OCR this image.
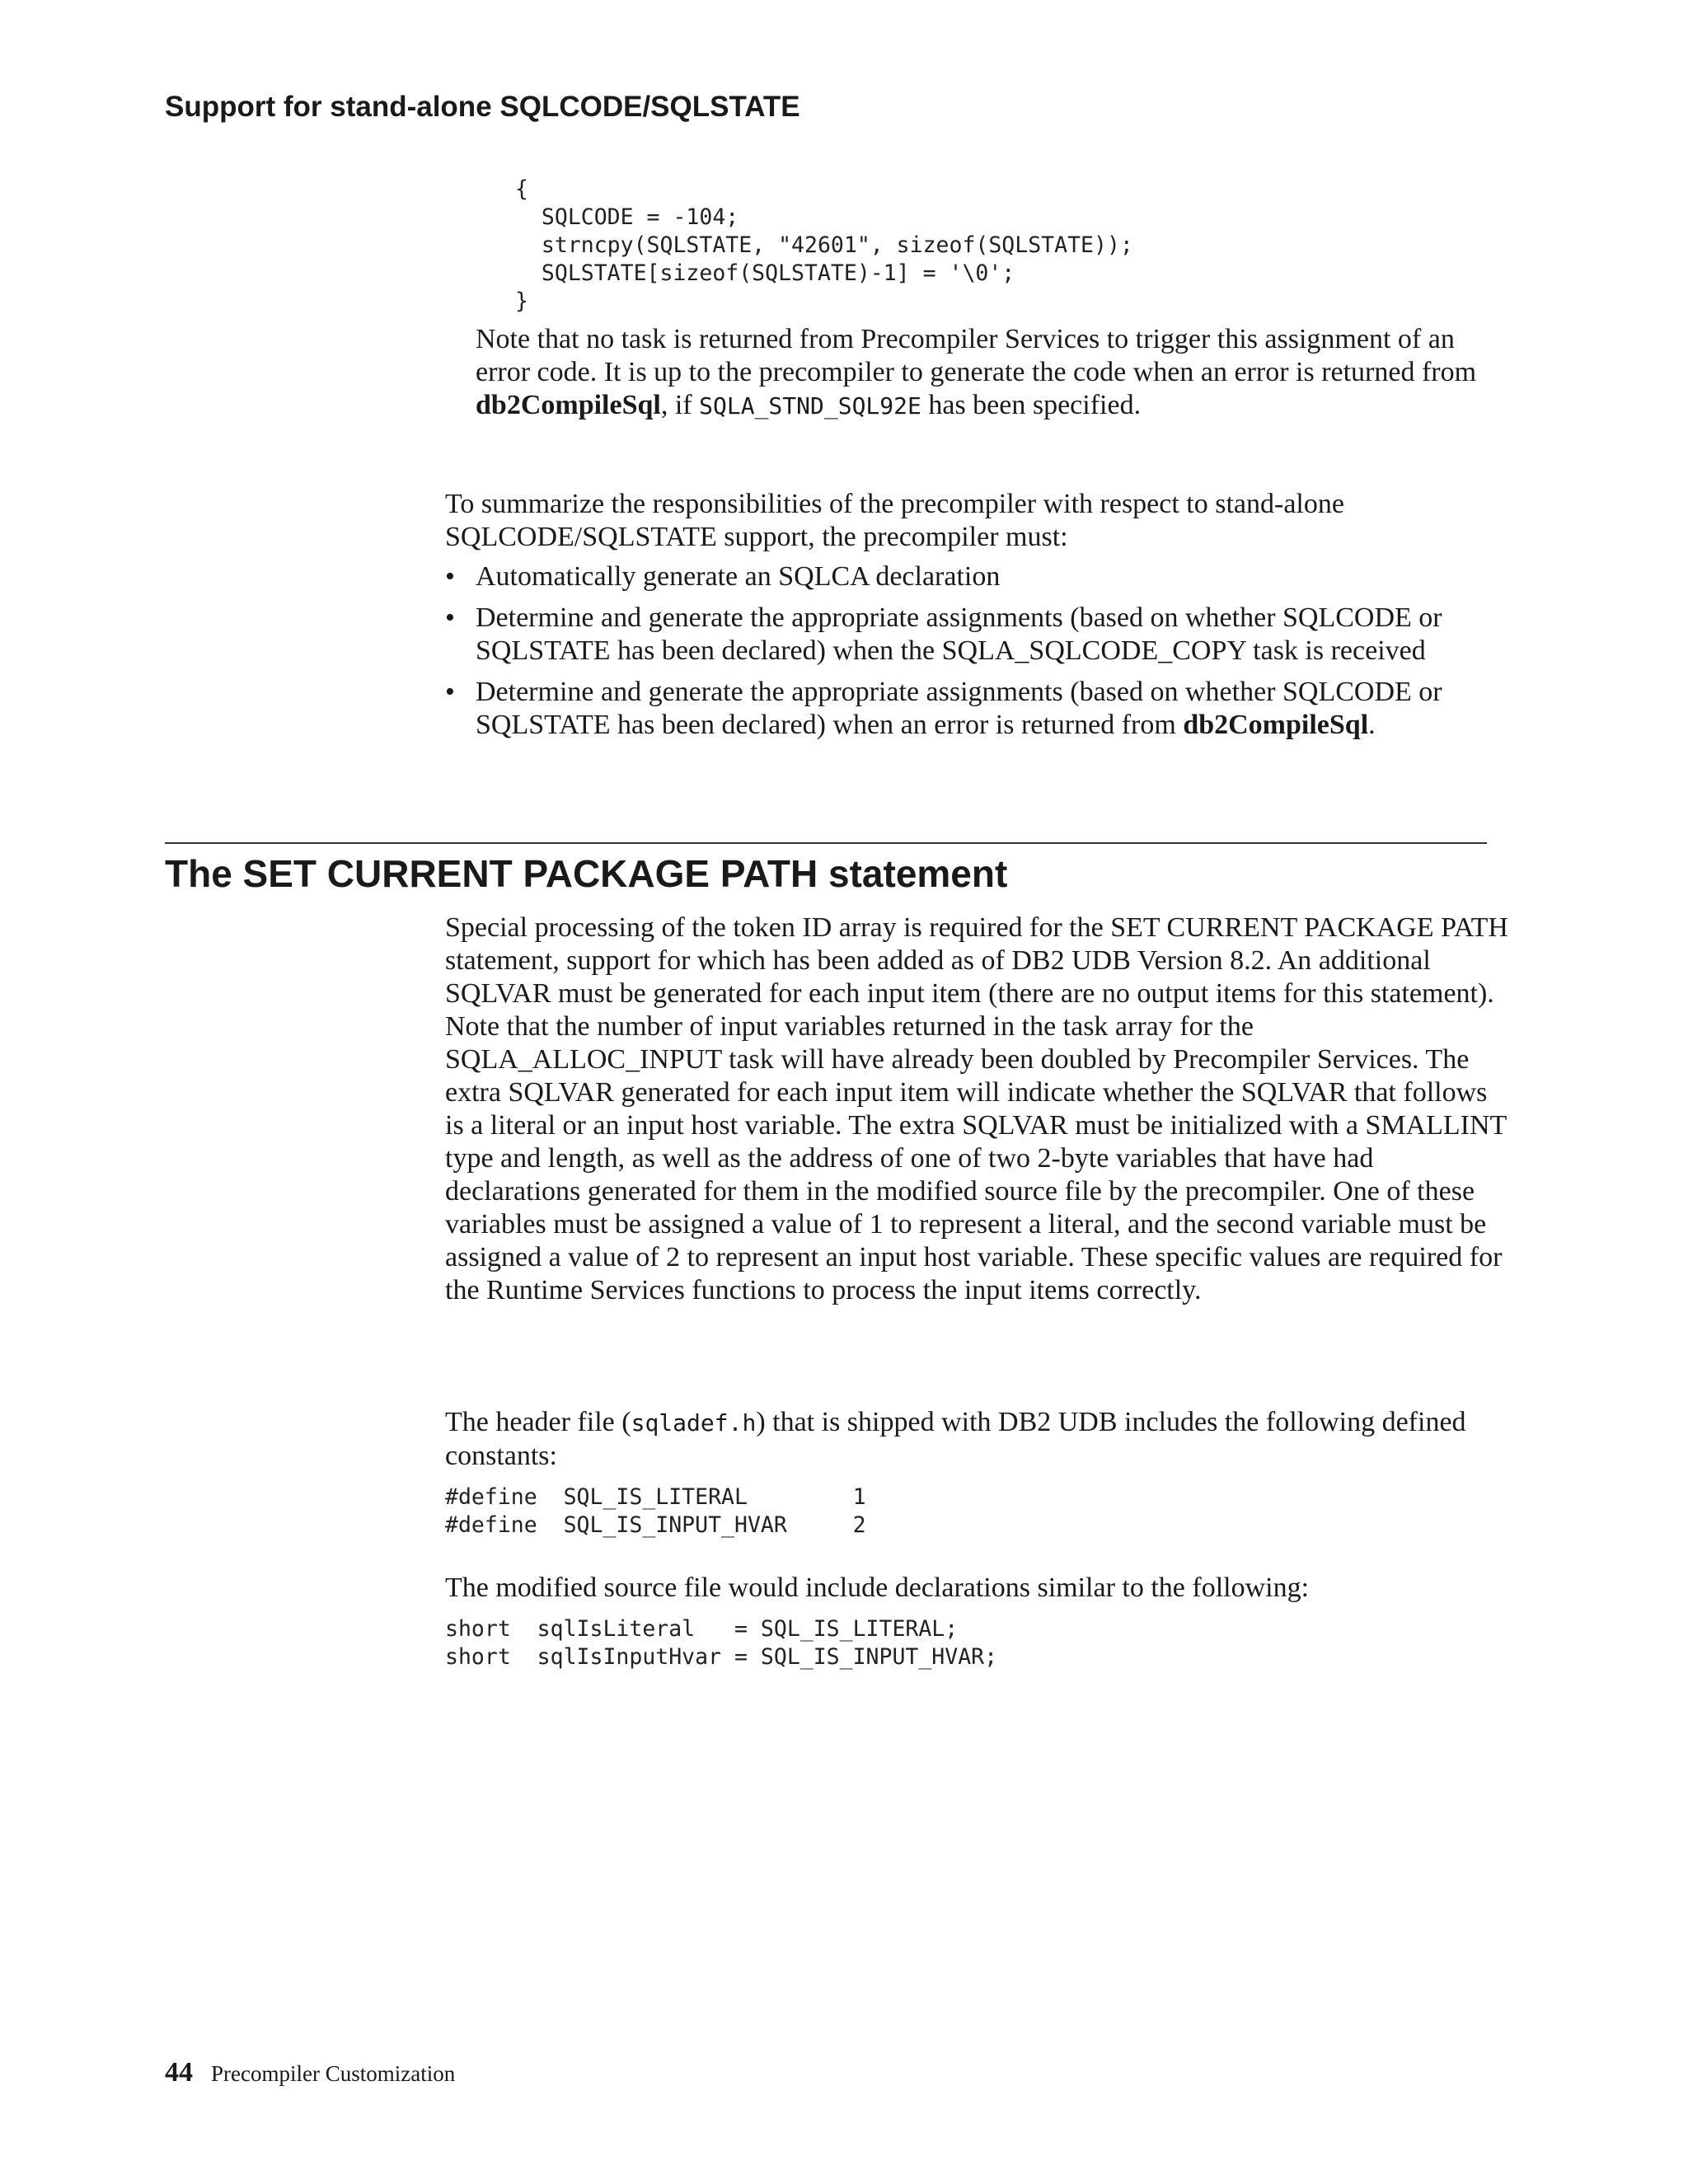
Support for stand-alone SQLCODE/SQLSTATE
{
SQLCODE = -104;
strncpy(SQLSTATE, "42601", sizeof(SQLSTATE));
SQLSTATE[sizeof(SQLSTATE)-1] = '\0';
}

Note that no task is returned from Precompiler Services to trigger this assignment of an error code. It is up to the precompiler to generate the code when an error is returned from db2CompileSql, if SQLA_STND_SQL92E has been specified.

To summarize the responsibilities of the precompiler with respect to stand-alone SQLCODE/SQLSTATE support, the precompiler must:

• Automatically generate an SQLCA declaration
• Determine and generate the appropriate assignments (based on whether SQLCODE or SQLSTATE has been declared) when the SQLA_SQLCODE_COPY task is received
• Determine and generate the appropriate assignments (based on whether SQLCODE or SQLSTATE has been declared) when an error is returned from db2CompileSql.
The SET CURRENT PACKAGE PATH statement

Special processing of the token ID array is required for the SET CURRENT PACKAGE PATH statement, support for which has been added as of DB2 UDB Version 8.2. An additional SQLVAR must be generated for each input item (there are no output items for this statement). Note that the number of input variables returned in the task array for the SQLA_ALLOC_INPUT task will have already been doubled by Precompiler Services. The extra SQLVAR generated for each input item will indicate whether the SQLVAR that follows is a literal or an input host variable. The extra SQLVAR must be initialized with a SMALLINT type and length, as well as the address of one of two 2-byte variables that have had declarations generated for them in the modified source file by the precompiler. One of these variables must be assigned a value of 1 to represent a literal, and the second variable must be assigned a value of 2 to represent an input host variable. These specific values are required for the Runtime Services functions to process the input items correctly.

The header file (sqladef.h) that is shipped with DB2 UDB includes the following defined constants:

#define  SQL_IS_LITERAL        1
#define  SQL_IS_INPUT_HVAR     2

The modified source file would include declarations similar to the following:

short  sqlIsLiteral   = SQL_IS_LITERAL;
short  sqlIsInputHvar = SQL_IS_INPUT_HVAR;
44 Precompiler Customization
